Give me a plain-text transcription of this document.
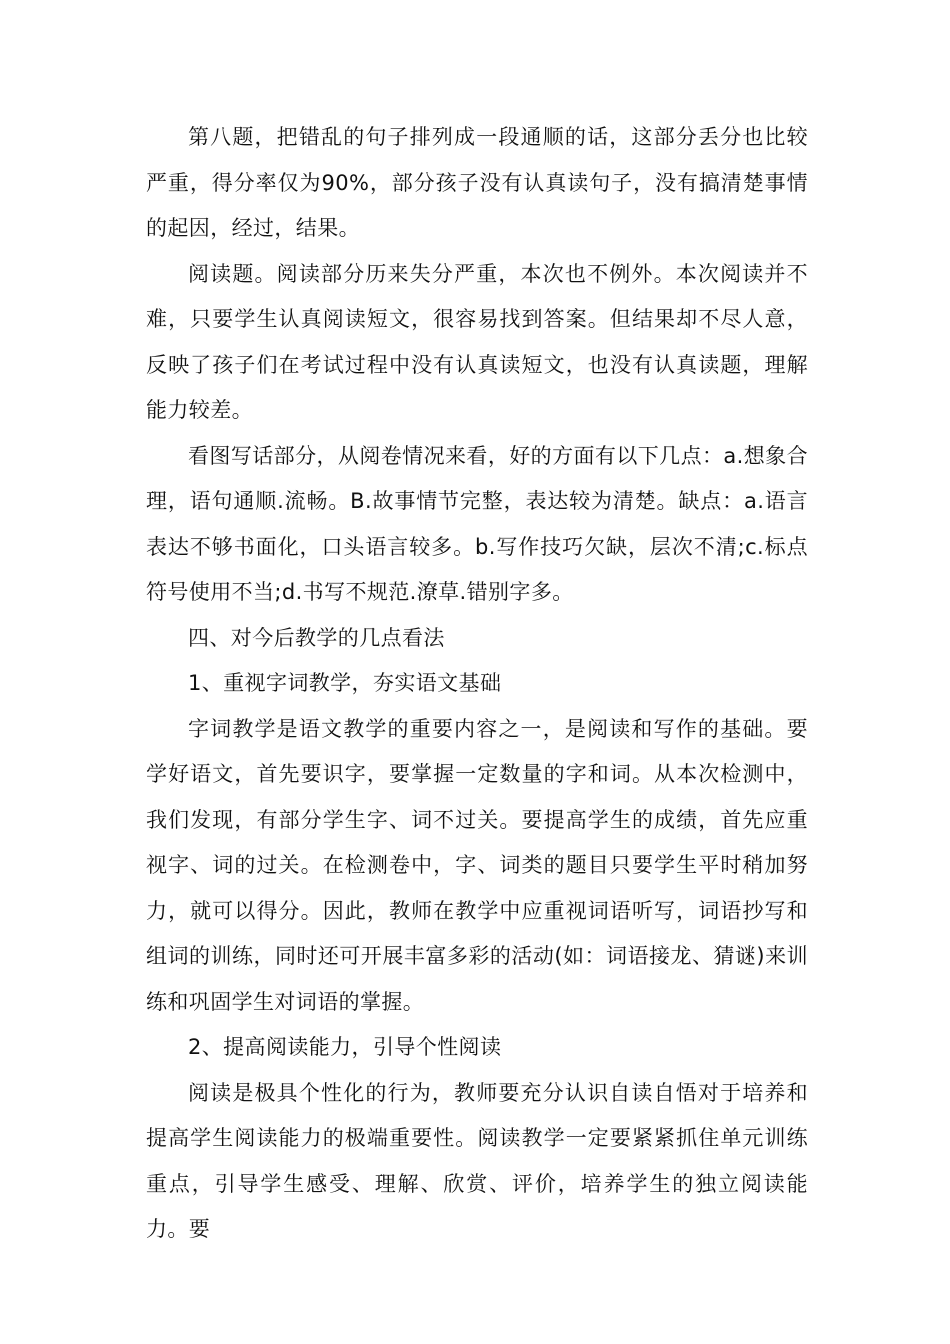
第八题，把错乱的句子排列成一段通顺的话，这部分丢分也比较严重，得分率仅为90%，部分孩子没有认真读句子，没有搞清楚事情的起因，经过，结果。

阅读题。阅读部分历来失分严重，本次也不例外。本次阅读并不难，只要学生认真阅读短文，很容易找到答案。但结果却不尽人意，反映了孩子们在考试过程中没有认真读短文，也没有认真读题，理解能力较差。

看图写话部分，从阅卷情况来看，好的方面有以下几点：a.想象合理，语句通顺.流畅。B.故事情节完整，表达较为清楚。缺点：a.语言表达不够书面化，口头语言较多。b.写作技巧欠缺，层次不清;c.标点符号使用不当;d.书写不规范.潦草.错别字多。

四、对今后教学的几点看法

1、重视字词教学，夯实语文基础

字词教学是语文教学的重要内容之一，是阅读和写作的基础。要学好语文，首先要识字，要掌握一定数量的字和词。从本次检测中，我们发现，有部分学生字、词不过关。要提高学生的成绩，首先应重视字、词的过关。在检测卷中，字、词类的题目只要学生平时稍加努力，就可以得分。因此，教师在教学中应重视词语听写，词语抄写和组词的训练，同时还可开展丰富多彩的活动(如：词语接龙、猜谜)来训练和巩固学生对词语的掌握。

2、提高阅读能力，引导个性阅读

阅读是极具个性化的行为，教师要充分认识自读自悟对于培养和提高学生阅读能力的极端重要性。阅读教学一定要紧紧抓住单元训练重点，引导学生感受、理解、欣赏、评价，培养学生的独立阅读能力。要
